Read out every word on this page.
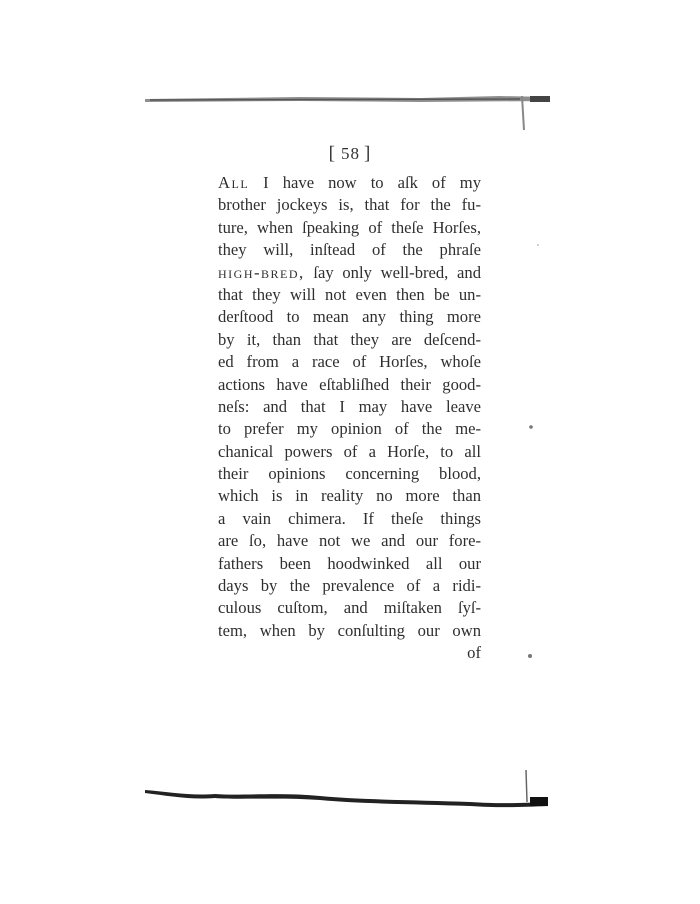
[ 58 ]
All I have now to aſk of my
brother jockeys is, that for the fu-
ture, when ſpeaking of theſe Horſes,
they will, inſtead of the phraſe
high-bred, ſay only well-bred, and
that they will not even then be un-
derſtood to mean any thing more
by it, than that they are deſcend-
ed from a race of Horſes, whoſe
actions have eſtabliſhed their good-
neſs: and that I may have leave
to prefer my opinion of the me-
chanical powers of a Horſe, to all
their opinions concerning blood,
which is in reality no more than
a vain chimera. If theſe things
are ſo, have not we and our fore-
fathers been hoodwinked all our
days by the prevalence of a ridi-
culous cuſtom, and miſtaken ſyſ-
tem, when by conſulting our own
of
